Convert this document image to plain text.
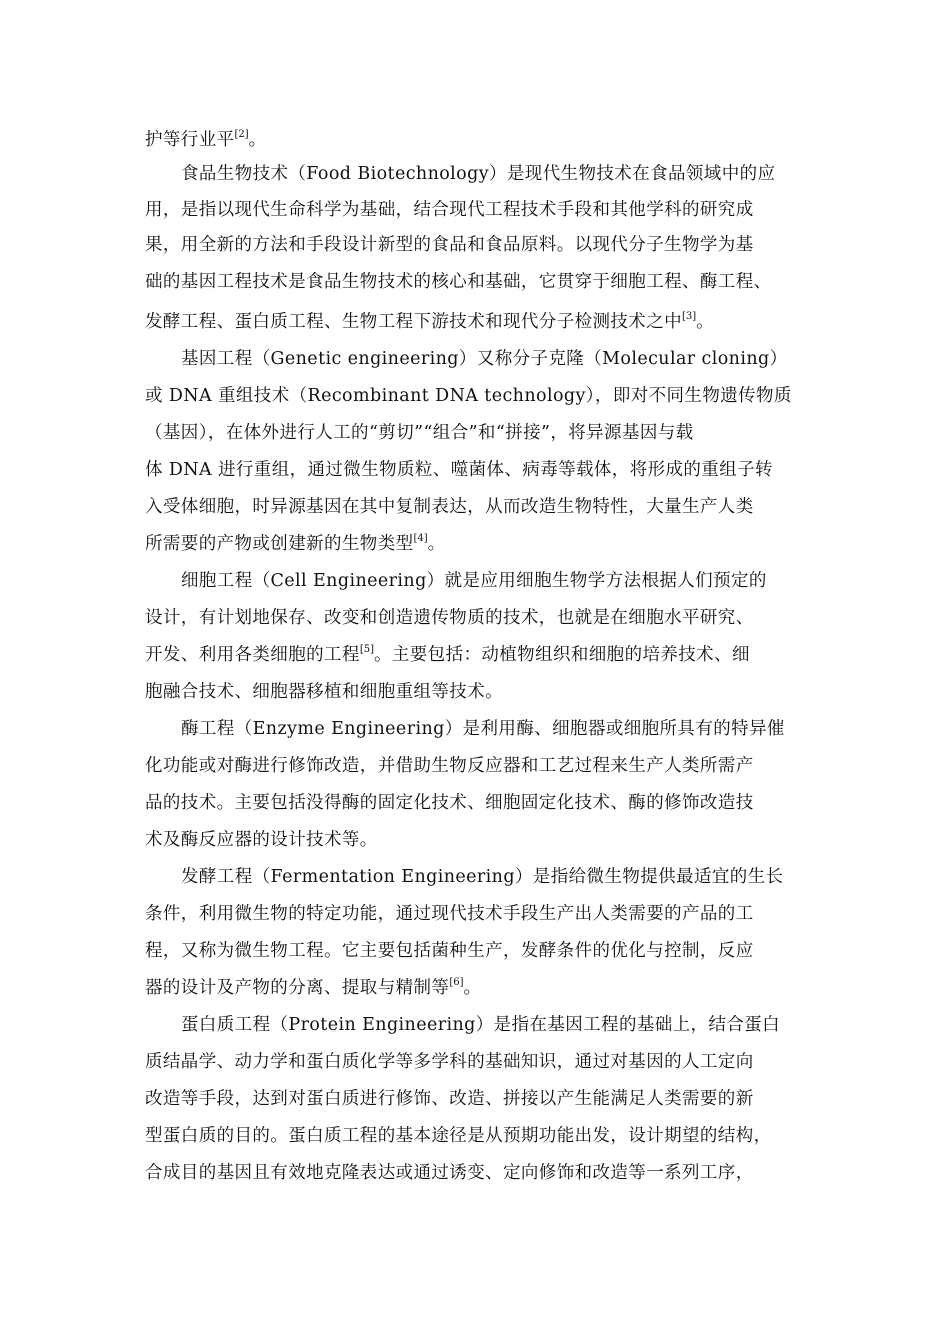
护等行业平[2]。
食品生物技术（Food Biotechnology）是现代生物技术在食品领域中的应
用，是指以现代生命科学为基础，结合现代工程技术手段和其他学科的研究成
果，用全新的方法和手段设计新型的食品和食品原料。以现代分子生物学为基
础的基因工程技术是食品生物技术的核心和基础，它贯穿于细胞工程、酶工程、
发酵工程、蛋白质工程、生物工程下游技术和现代分子检测技术之中[3]。
基因工程（Genetic engineering）又称分子克隆（Molecular cloning）
或 DNA 重组技术（Recombinant DNA technology），即对不同生物遗传物质
（基因），在体外进行人工的“剪切”“组合”和“拼接”，将异源基因与载
体 DNA 进行重组，通过微生物质粒、噬菌体、病毒等载体，将形成的重组子转
入受体细胞，时异源基因在其中复制表达，从而改造生物特性，大量生产人类
所需要的产物或创建新的生物类型[4]。
细胞工程（Cell Engineering）就是应用细胞生物学方法根据人们预定的
设计，有计划地保存、改变和创造遗传物质的技术，也就是在细胞水平研究、
开发、利用各类细胞的工程[5]。主要包括：动植物组织和细胞的培养技术、细
胞融合技术、细胞器移植和细胞重组等技术。
酶工程（Enzyme Engineering）是利用酶、细胞器或细胞所具有的特异催
化功能或对酶进行修饰改造，并借助生物反应器和工艺过程来生产人类所需产
品的技术。主要包括没得酶的固定化技术、细胞固定化技术、酶的修饰改造技
术及酶反应器的设计技术等。
发酵工程（Fermentation Engineering）是指给微生物提供最适宜的生长
条件，利用微生物的特定功能，通过现代技术手段生产出人类需要的产品的工
程，又称为微生物工程。它主要包括菌种生产，发酵条件的优化与控制，反应
器的设计及产物的分离、提取与精制等[6]。
蛋白质工程（Protein Engineering）是指在基因工程的基础上，结合蛋白
质结晶学、动力学和蛋白质化学等多学科的基础知识，通过对基因的人工定向
改造等手段，达到对蛋白质进行修饰、改造、拼接以产生能满足人类需要的新
型蛋白质的目的。蛋白质工程的基本途径是从预期功能出发，设计期望的结构，
合成目的基因且有效地克隆表达或通过诱变、定向修饰和改造等一系列工序，
